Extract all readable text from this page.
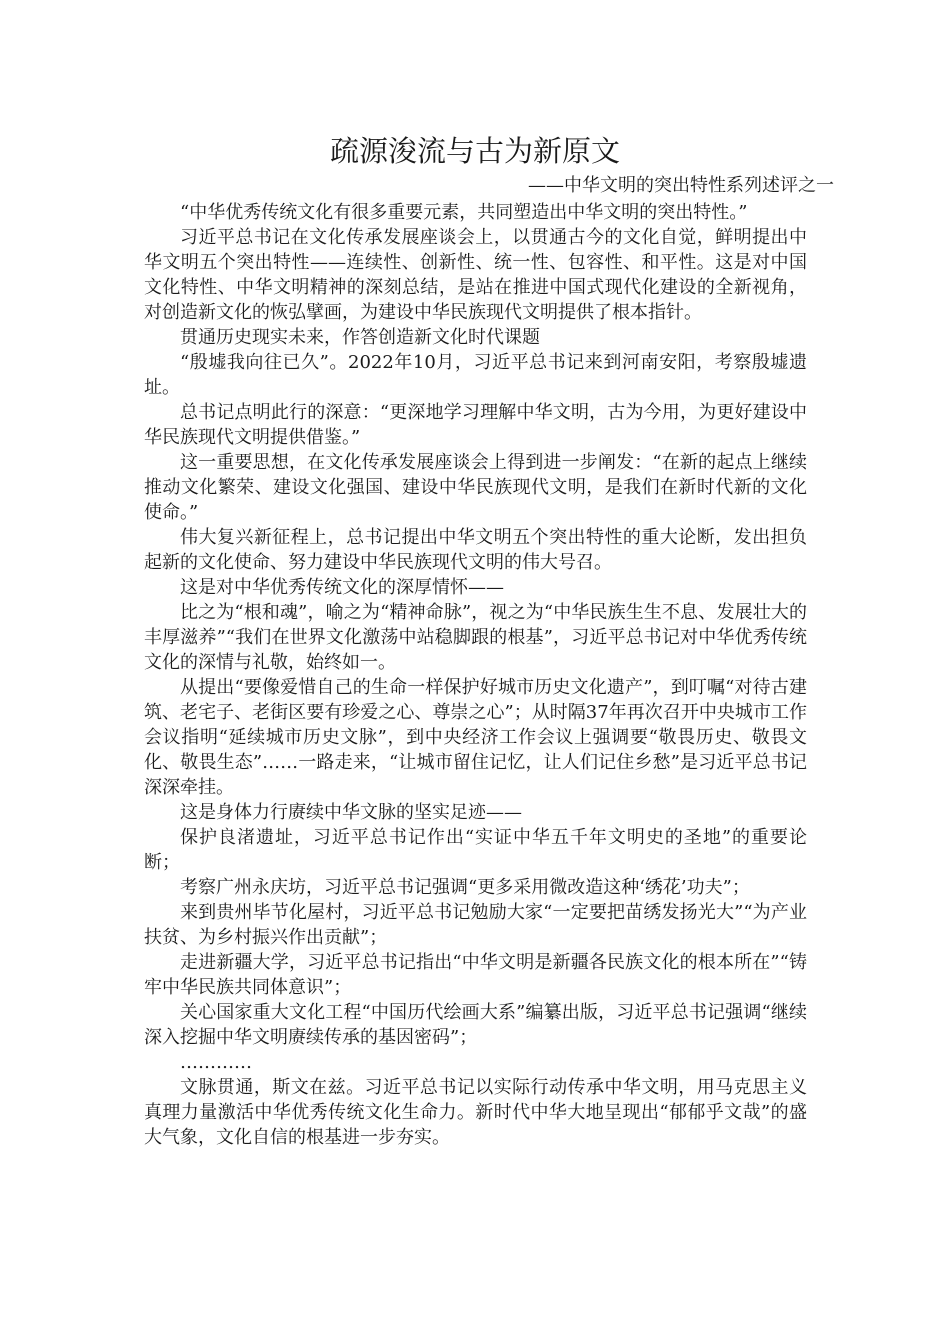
疏源浚流与古为新原文
——中华文明的突出特性系列述评之一

“中华优秀传统文化有很多重要元素，共同塑造出中华文明的突出特性。”

习近平总书记在文化传承发展座谈会上，以贯通古今的文化自觉，鲜明提出中华文明五个突出特性——连续性、创新性、统一性、包容性、和平性。这是对中国文化特性、中华文明精神的深刻总结，是站在推进中国式现代化建设的全新视角，对创造新文化的恢弘擘画，为建设中华民族现代文明提供了根本指针。

贯通历史现实未来，作答创造新文化时代课题

“殷墟我向往已久”。2022年10月，习近平总书记来到河南安阳，考察殷墟遗址。

总书记点明此行的深意：“更深地学习理解中华文明，古为今用，为更好建设中华民族现代文明提供借鉴。”

这一重要思想，在文化传承发展座谈会上得到进一步阐发：“在新的起点上继续推动文化繁荣、建设文化强国、建设中华民族现代文明，是我们在新时代新的文化使命。”

伟大复兴新征程上，总书记提出中华文明五个突出特性的重大论断，发出担负起新的文化使命、努力建设中华民族现代文明的伟大号召。

这是对中华优秀传统文化的深厚情怀——

比之为“根和魂”，喻之为“精神命脉”，视之为“中华民族生生不息、发展壮大的丰厚滋养”“我们在世界文化激荡中站稳脚跟的根基”，习近平总书记对中华优秀传统文化的深情与礼敬，始终如一。

从提出“要像爱惜自己的生命一样保护好城市历史文化遗产”，到叮嘱“对待古建筑、老宅子、老街区要有珍爱之心、尊崇之心”；从时隔37年再次召开中央城市工作会议指明“延续城市历史文脉”，到中央经济工作会议上强调要“敬畏历史、敬畏文化、敬畏生态”……一路走来，“让城市留住记忆，让人们记住乡愁”是习近平总书记深深牵挂。

这是身体力行赓续中华文脉的坚实足迹——

保护良渚遗址，习近平总书记作出“实证中华五千年文明史的圣地”的重要论断；

考察广州永庆坊，习近平总书记强调“更多采用微改造这种‘绣花’功夫”；

来到贵州毕节化屋村，习近平总书记勉励大家“一定要把苗绣发扬光大”“为产业扶贫、为乡村振兴作出贡献”；

走进新疆大学，习近平总书记指出“中华文明是新疆各民族文化的根本所在”“铸牢中华民族共同体意识”；

关心国家重大文化工程“中国历代绘画大系”编纂出版，习近平总书记强调“继续深入挖掘中华文明赓续传承的基因密码”；

…………

文脉贯通，斯文在兹。习近平总书记以实际行动传承中华文明，用马克思主义真理力量激活中华优秀传统文化生命力。新时代中华大地呈现出“郁郁乎文哉”的盛大气象，文化自信的根基进一步夯实。
